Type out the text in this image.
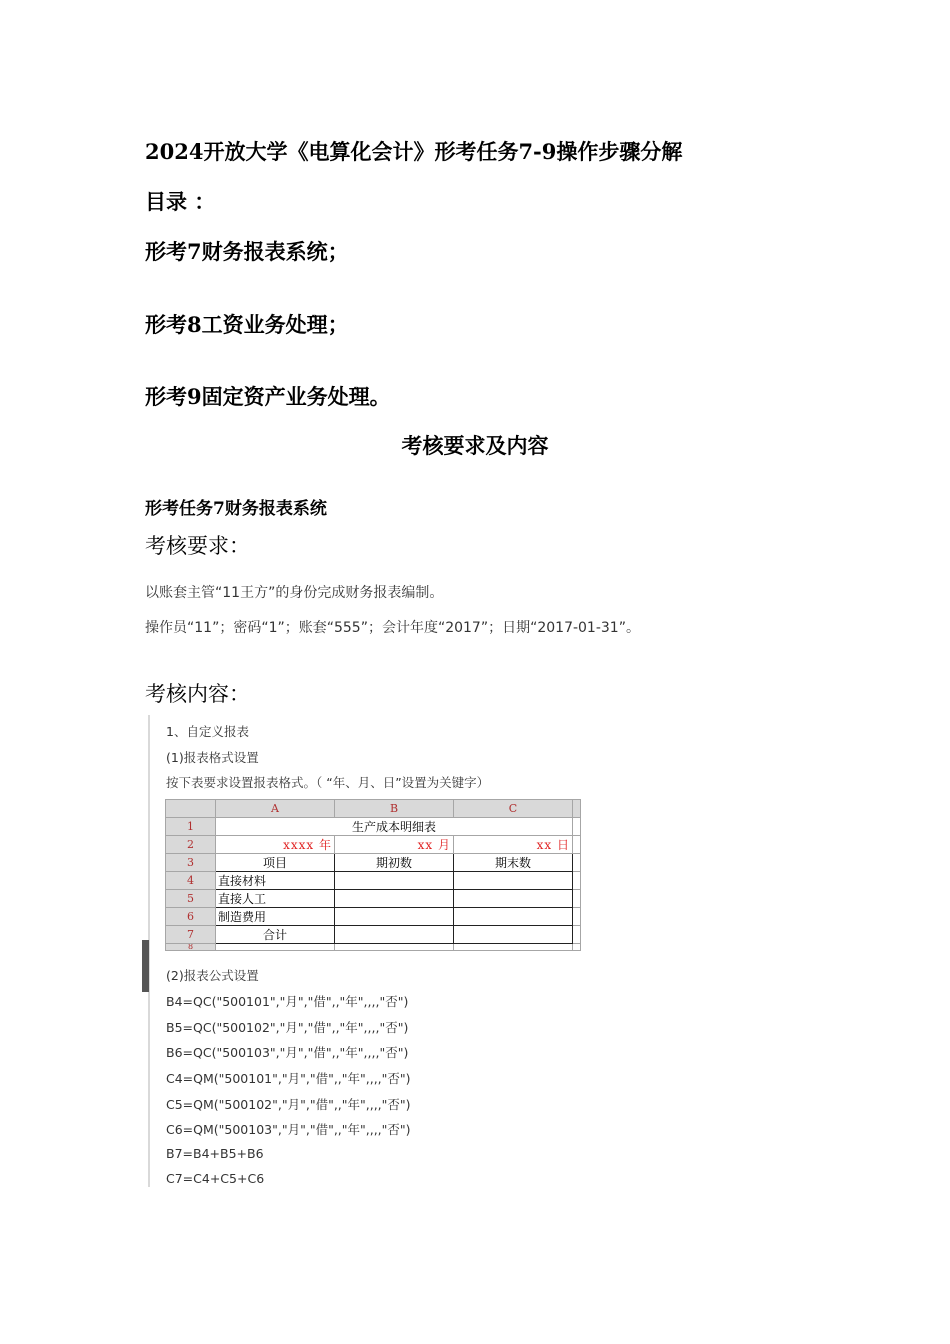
2024开放大学《电算化会计》形考任务7-9操作步骤分解
目录 ：
形考7财务报表系统；
形考8工资业务处理；
形考9固定资产业务处理。
考核要求及内容
形考任务7财务报表系统
考核要求：
以账套主管“11王方”的身份完成财务报表编制。
操作员“11”；密码“1”；账套“555”；会计年度“2017”；日期“2017-01-31”。
考核内容：
1、自定义报表
(1)报表格式设置
按下表要求设置报表格式。（ “年、月、日”设置为关键字）
	A	B	C	
1	生产成本明细表			
2	xxxx 年	xx 月	xx 日	
3	项目	期初数	期末数	
4	直接材料			
5	直接人工			
6	制造费用			
7	合计			
8				
(2)报表公式设置
B4=QC("500101","月","借",,"年",,,,"否")
B5=QC("500102","月","借",,"年",,,,"否")
B6=QC("500103","月","借",,"年",,,,"否")
C4=QM("500101","月","借",,"年",,,,"否")
C5=QM("500102","月","借",,"年",,,,"否")
C6=QM("500103","月","借",,"年",,,,"否")
B7=B4+B5+B6
C7=C4+C5+C6
